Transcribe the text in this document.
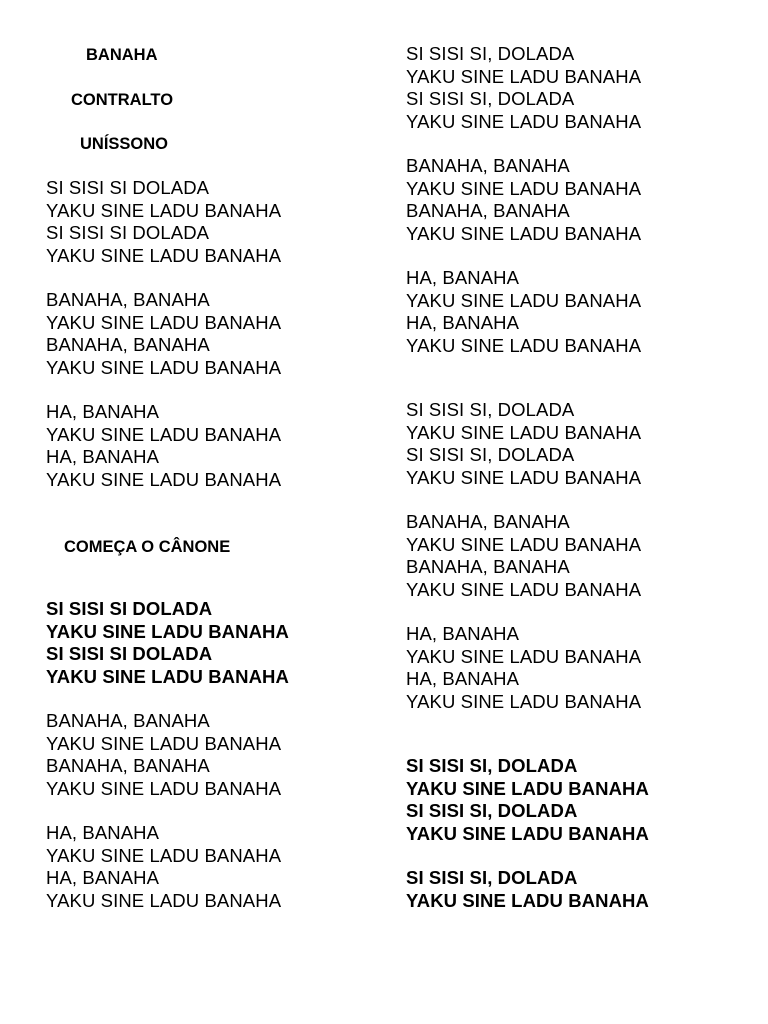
BANAHA
CONTRALTO
UNÍSSONO
COMEÇA O CÂNONE
SI SISI SI DOLADA
YAKU SINE LADU BANAHA
SI SISI SI DOLADA
YAKU SINE LADU BANAHA
BANAHA, BANAHA
YAKU SINE LADU BANAHA
BANAHA, BANAHA
YAKU SINE LADU BANAHA
HA, BANAHA
YAKU SINE LADU BANAHA
HA, BANAHA
YAKU SINE LADU BANAHA
SI SISI SI DOLADA
YAKU SINE LADU BANAHA
SI SISI SI DOLADA
YAKU SINE LADU BANAHA
BANAHA, BANAHA
YAKU SINE LADU BANAHA
BANAHA, BANAHA
YAKU SINE LADU BANAHA
HA, BANAHA
YAKU SINE LADU BANAHA
HA, BANAHA
YAKU SINE LADU BANAHA
SI SISI SI, DOLADA
YAKU SINE LADU BANAHA
SI SISI SI, DOLADA
YAKU SINE LADU BANAHA
BANAHA, BANAHA
YAKU SINE LADU BANAHA
BANAHA, BANAHA
YAKU SINE LADU BANAHA
HA, BANAHA
YAKU SINE LADU BANAHA
HA, BANAHA
YAKU SINE LADU BANAHA
SI SISI SI, DOLADA
YAKU SINE LADU BANAHA
SI SISI SI, DOLADA
YAKU SINE LADU BANAHA
BANAHA, BANAHA
YAKU SINE LADU BANAHA
BANAHA, BANAHA
YAKU SINE LADU BANAHA
HA, BANAHA
YAKU SINE LADU BANAHA
HA, BANAHA
YAKU SINE LADU BANAHA
SI SISI SI, DOLADA
YAKU SINE LADU BANAHA
SI SISI SI, DOLADA
YAKU SINE LADU BANAHA
SI SISI SI, DOLADA
YAKU SINE LADU BANAHA
